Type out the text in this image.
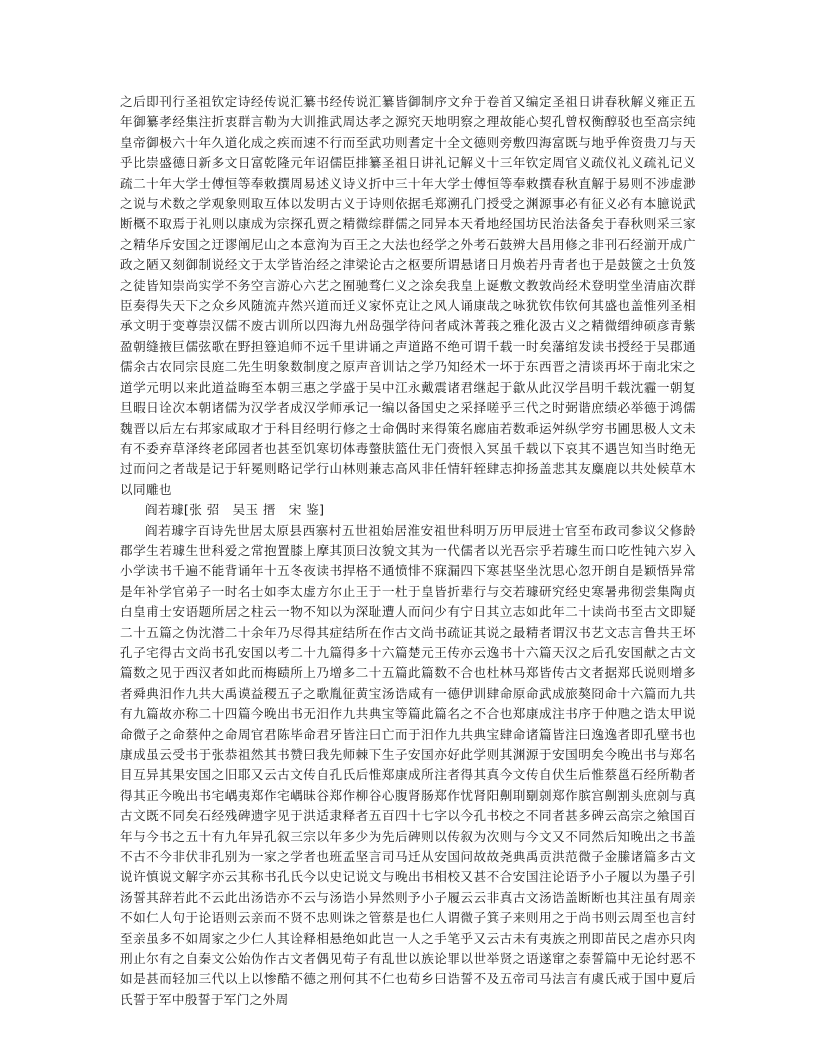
之后即刊行圣祖钦定诗经传说汇纂书经传说汇纂皆御制序文弁于卷首又编定圣祖日讲春秋解义雍正五年御纂孝经集注折衷群言勒为大训推武周达孝之源究天地明察之理故能心契孔曾权衡醇驳也至高宗纯皇帝御极六十年久道化成之疾而速不行而至武功则耆定十全文德则旁敷四海富既与地乎侔资贵刀与天乎比崇盛德日新多文日富乾隆元年诏儒臣排纂圣祖日讲礼记解义十三年钦定周官义疏仪礼义疏礼记义疏二十年大学士傅恒等奉敕撰周易述义诗义折中三十年大学士傅恒等奉敕撰春秋直解于易则不涉虚渺之说与术数之学观象则取互体以发明古义于诗则依据毛郑溯孔门授受之渊源事必有征义必有本臆说武断概不取焉于礼则以康成为宗探孔贾之精微综群儒之同异本天肴地经国坊民治法备矣于春秋则采三家之精华斥安国之迂谬阐尼山之本意洵为百王之大法也经学之外考石鼓辨大昌用修之非刊石经湔开成广政之陋又刻御制说经文于太学皆治经之津梁论古之枢要所谓悬诸日月焕若丹青者也于是鼓篋之士负笈之徒皆知崇尚实学不务空言游心六艺之囿驰骛仁义之涂矣我皇上诞敷文教敦尚经术登明堂坐清庙次群臣奏得失天下之众乡风随流卉然兴道而迁义家怀克让之风人诵康哉之咏犹钦伟钦何其盛也盖惟列圣相承文明于变尊崇汉儒不废古训所以四海九州岛强学待问者咸沐菁莪之雅化汲古义之精微缙绅硕彦青紫盈朝缝掖巨儒弦歌在野担簦追师不远千里讲诵之声道路不绝可谓千载一时矣藩绾发读书授经于吴郡通儒余古农同宗艮庭二先生明象数制度之原声音训诂之学乃知经术一坏于东西晋之清谈再坏于南北宋之道学元明以来此道益晦至本朝三惠之学盛于吴中江永戴震诸君继起于歙从此汉学昌明千载沈霾一朝复旦暇日诠次本朝诸儒为汉学者成汉学师承记一编以备国史之采择嗟乎三代之时弼谐庶绩必举德于鸿儒魏晋以后左右邦家咸取才于科目经明行修之士命偶时来得策名廊庙若数乖运舛纵学穷书圃思极人文未有不委弃草泽终老邱园者也甚至饥寒切体毒螫肤篮仕无门赍恨入冥虽千载以下哀其不遇岂知当时绝无过而问之者哉是记于轩冕则略记学行山林则兼志高风非任情轩轾肆志抑扬盖悲其友麋鹿以共处候草木以同雕也

阎若璩[张 弨　吴玉 搢　宋 鉴]

阎若璩字百诗先世居太原县西寨村五世祖始居淮安祖世科明万历甲辰进士官至布政司参议父修龄郡学生若璩生世科爱之常抱置膝上摩其顶曰汝貌文其为一代儒者以光吾宗乎若璩生而口吃性钝六岁入小学读书千遍不能背诵年十五冬夜读书捍格不通愤悱不寐漏四下寒甚坚坐沈思心忽开朗自是颖悟异常是年补学官弟子一时名士如李太虚方尔止王于一杜于皇皆折辈行与交若璩研究经史寒暑弗彻尝集陶贞白皇甫士安语题所居之柱云一物不知以为深耻遭人而问少有宁日其立志如此年二十读尚书至古文即疑二十五篇之伪沈潜二十余年乃尽得其症结所在作古文尚书疏证其说之最精者谓汉书艺文志言鲁共王坏孔子宅得古文尚书孔安国以考二十九篇得多十六篇楚元王传亦云逸书十六篇天汉之后孔安国献之古文篇数之见于西汉者如此而梅赜所上乃增多二十五篇此篇数不合也杜林马郑皆传古文者据郑氏说则增多者舜典汨作九共大禹谟益稷五子之歌胤征黄宝汤诰咸有一德伊训肆命原命武成旅獒冏命十六篇而九共有九篇故亦称二十四篇今晚出书无汨作九共典宝等篇此篇名之不合也郑康成注书序于仲虺之诰太甲说命微子之命蔡仲之命周官君陈毕命君牙皆注曰亡而于汨作九共典宝肆命诸篇皆注曰逸逸者即孔壁书也康成虽云受书于张恭祖然其书赞曰我先师棘下生子安国亦好此学则其渊源于安国明矣今晚出书与郑名目互异其果安国之旧耶又云古文传自孔氏后惟郑康成所注者得其真今文传自伏生后惟蔡邕石经所勒者得其正今晚出书宅嵎夷郑作宅嵎昧谷郑作柳谷心腹肾肠郑作忧肾阳劓刵劅剠郑作膑宫劓割头庶剠与真古文既不同矣石经残碑遗字见于洪适隶释者五百四十七字以今孔书校之不同者甚多碑云高宗之飨国百年与今书之五十有九年异孔叙三宗以年多少为先后碑则以传叙为次则与今文又不同然后知晚出之书盖不古不今非伏非孔别为一家之学者也班孟坚言司马迁从安国问故故尧典禹贡洪范微子金縢诸篇多古文说许慎说文解字亦云其称书孔氏今以史记说文与晚出书相校又甚不合安国注论语予小子履以为墨子引汤誓其辞若此不云此出汤诰亦不云与汤诰小异然则予小子履云云非真古文汤诰盖断断也其注虽有周亲不如仁人句于论语则云亲而不贤不忠则诛之管蔡是也仁人谓微子箕子来则用之于尚书则云周至也言纣至亲虽多不如周家之少仁人其诠释相悬绝如此岂一人之手笔乎又云古未有夷族之刑即苗民之虐亦只肉刑止尔有之自秦文公始伪作古文者偶见荀子有乱世以族论罪以世举贤之语遂窜之泰誓篇中无论纣恶不如是甚而轻加三代以上以惨酷不德之刑何其不仁也荀乡曰诰誓不及五帝司马法言有虞氏戒于国中夏后氏誓于军中殷誓于军门之外周
